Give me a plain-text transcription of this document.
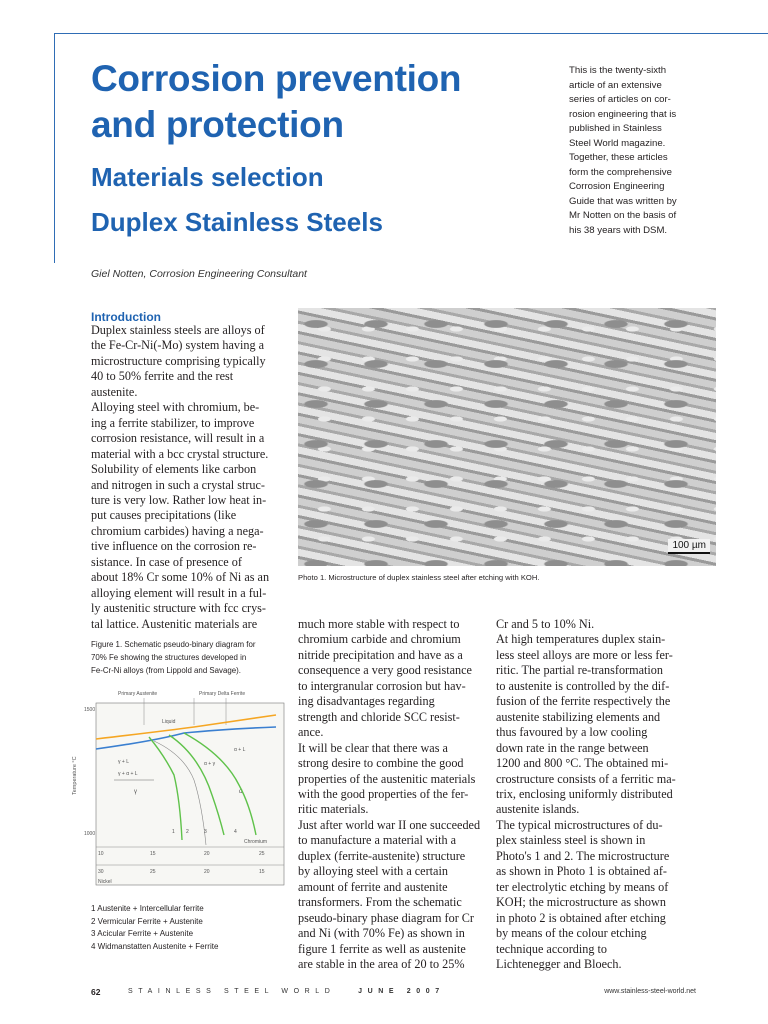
Corrosion prevention
and protection
Materials selection
Duplex Stainless Steels
This is the twenty-sixth
article of an extensive
series of articles on cor-
rosion engineering that is
published in Stainless
Steel World magazine.
Together, these articles
form the comprehensive
Corrosion Engineering
Guide that was written by
Mr Notten on the basis of
his 38 years with DSM.
Giel Notten, Corrosion Engineering Consultant
Introduction
Duplex stainless steels are alloys of
the Fe-Cr-Ni(-Mo) system having a
microstructure comprising typically
40 to 50% ferrite and the rest
austenite.
Alloying steel with chromium, be-
ing a ferrite stabilizer, to improve
corrosion resistance, will result in a
material with a bcc crystal structure.
Solubility of elements like carbon
and nitrogen in such a crystal struc-
ture is very low. Rather low heat in-
put causes precipitations (like
chromium carbides) having a nega-
tive influence on the corrosion re-
sistance. In case of presence of
about 18% Cr some 10% of Ni as an
alloying element will result in a ful-
ly austenitic structure with fcc crys-
tal lattice. Austenitic materials are
100 µm
Photo 1. Microstructure of duplex stainless steel after etching with KOH.
Figure 1. Schematic pseudo-binary diagram for
70% Fe showing the structures developed in
Fe-Cr-Ni alloys (from Lippold and Savage).
Primary Austenite	Primary Delta Ferrite
1500
1000
Temperature °C
Liquid
α + L
γ + L
γ + α + L
α + γ
γ	α
1 2	3	4
Chromium
10	15	20	25
30	25	20	15
Nickel
1 Austenite + Intercellular ferrite
2 Vermicular Ferrite + Austenite
3 Acicular Ferrite + Austenite
4 Widmanstatten Austenite + Ferrite
much more stable with respect to
chromium carbide and chromium
nitride precipitation and have as a
consequence a very good resistance
to intergranular corrosion but hav-
ing disadvantages regarding
strength and chloride SCC resist-
ance.
It will be clear that there was a
strong desire to combine the good
properties of the austenitic materials
with the good properties of the fer-
ritic materials.
Just after world war II one succeeded
to manufacture a material with a
duplex (ferrite-austenite) structure
by alloying steel with a certain
amount of ferrite and austenite
transformers. From the schematic
pseudo-binary phase diagram for Cr
and Ni (with 70% Fe) as shown in
figure 1 ferrite as well as austenite
are stable in the area of 20 to 25%
Cr and 5 to 10% Ni.
At high temperatures duplex stain-
less steel alloys are more or less fer-
ritic. The partial re-transformation
to austenite is controlled by the dif-
fusion of the ferrite respectively the
austenite stabilizing elements and
thus favoured by a low cooling
down rate in the range between
1200 and 800 °C. The obtained mi-
crostructure consists of a ferritic ma-
trix, enclosing uniformly distributed
austenite islands.
The typical microstructures of du-
plex stainless steel is shown in
Photo's 1 and 2. The microstructure
as shown in Photo 1 is obtained af-
ter electrolytic etching by means of
KOH; the microstructure as shown
in photo 2 is obtained after etching
by means of the colour etching
technique according to
Lichtenegger and Bloech.
62	STAINLESS STEEL WORLD	JUNE 2007	www.stainless-steel-world.net
